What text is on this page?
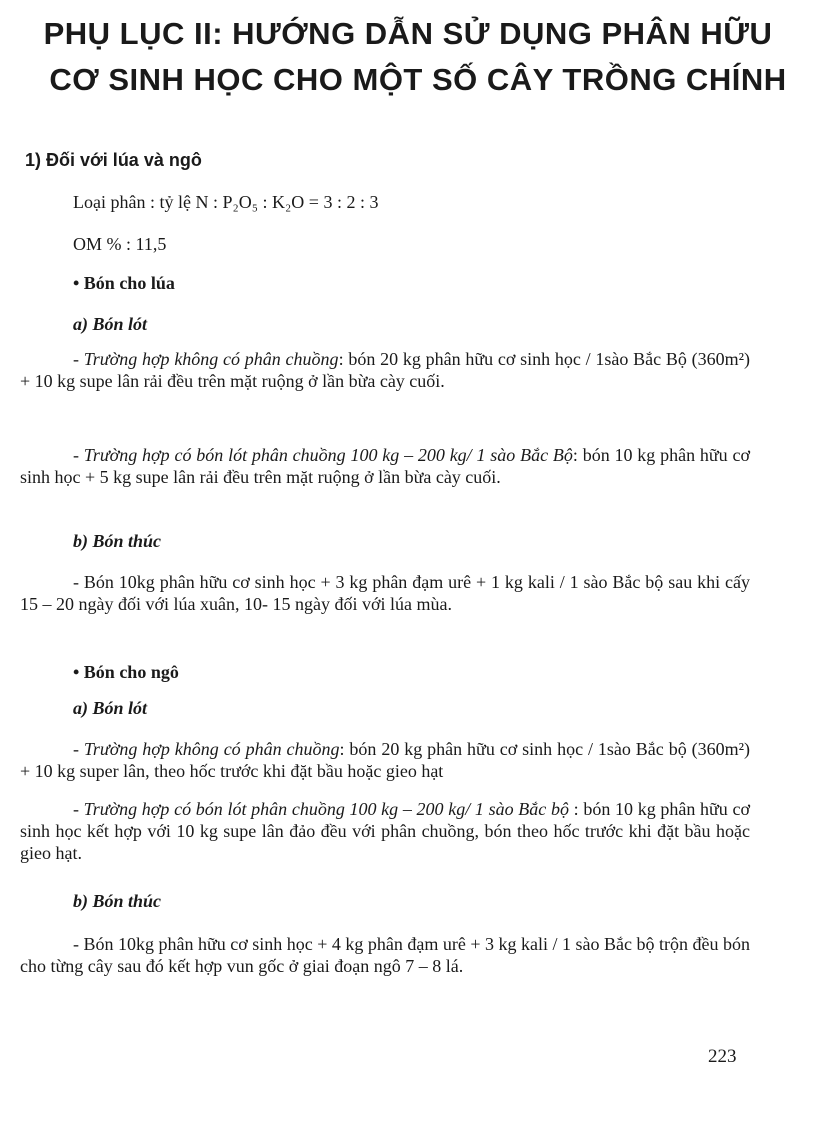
PHỤ LỤC II: HƯỚNG DẪN SỬ DỤNG PHÂN HỮU
CƠ SINH HỌC CHO MỘT SỐ CÂY TRỒNG CHÍNH
1) Đối với lúa và ngô
Loại phân : tỷ lệ N : P₂O₅ : K₂O = 3 : 2 : 3
OM % : 11,5
• Bón cho lúa
a) Bón lót
- Trường hợp không có phân chuồng: bón 20 kg phân hữu cơ sinh học / 1sào Bắc Bộ (360m²) + 10 kg supe lân rải đều trên mặt ruộng ở lần bừa cày cuối.
- Trường hợp có bón lót phân chuồng 100 kg – 200 kg/ 1 sào Bắc Bộ: bón 10 kg phân hữu cơ sinh học + 5 kg supe lân rải đều trên mặt ruộng ở lần bừa cày cuối.
b) Bón thúc
- Bón 10kg phân hữu cơ sinh học + 3 kg phân đạm urê + 1 kg kali / 1 sào Bắc bộ sau khi cấy 15 – 20 ngày đối với lúa xuân, 10- 15 ngày đối với lúa mùa.
• Bón cho ngô
a) Bón lót
- Trường hợp không có phân chuồng: bón 20 kg phân hữu cơ sinh học / 1sào Bắc bộ (360m²) + 10 kg super lân, theo hốc trước khi đặt bầu hoặc gieo hạt
- Trường hợp có bón lót phân chuồng 100 kg – 200 kg/ 1 sào Bắc bộ : bón 10 kg phân hữu cơ sinh học kết hợp với 10 kg supe lân đảo đều với phân chuồng, bón theo hốc trước khi đặt bầu hoặc gieo hạt.
b) Bón thúc
- Bón 10kg phân hữu cơ sinh học + 4 kg phân đạm urê + 3 kg kali / 1 sào Bắc bộ trộn đều bón cho từng cây sau đó kết hợp vun gốc ở giai đoạn ngô 7 – 8 lá.
223
